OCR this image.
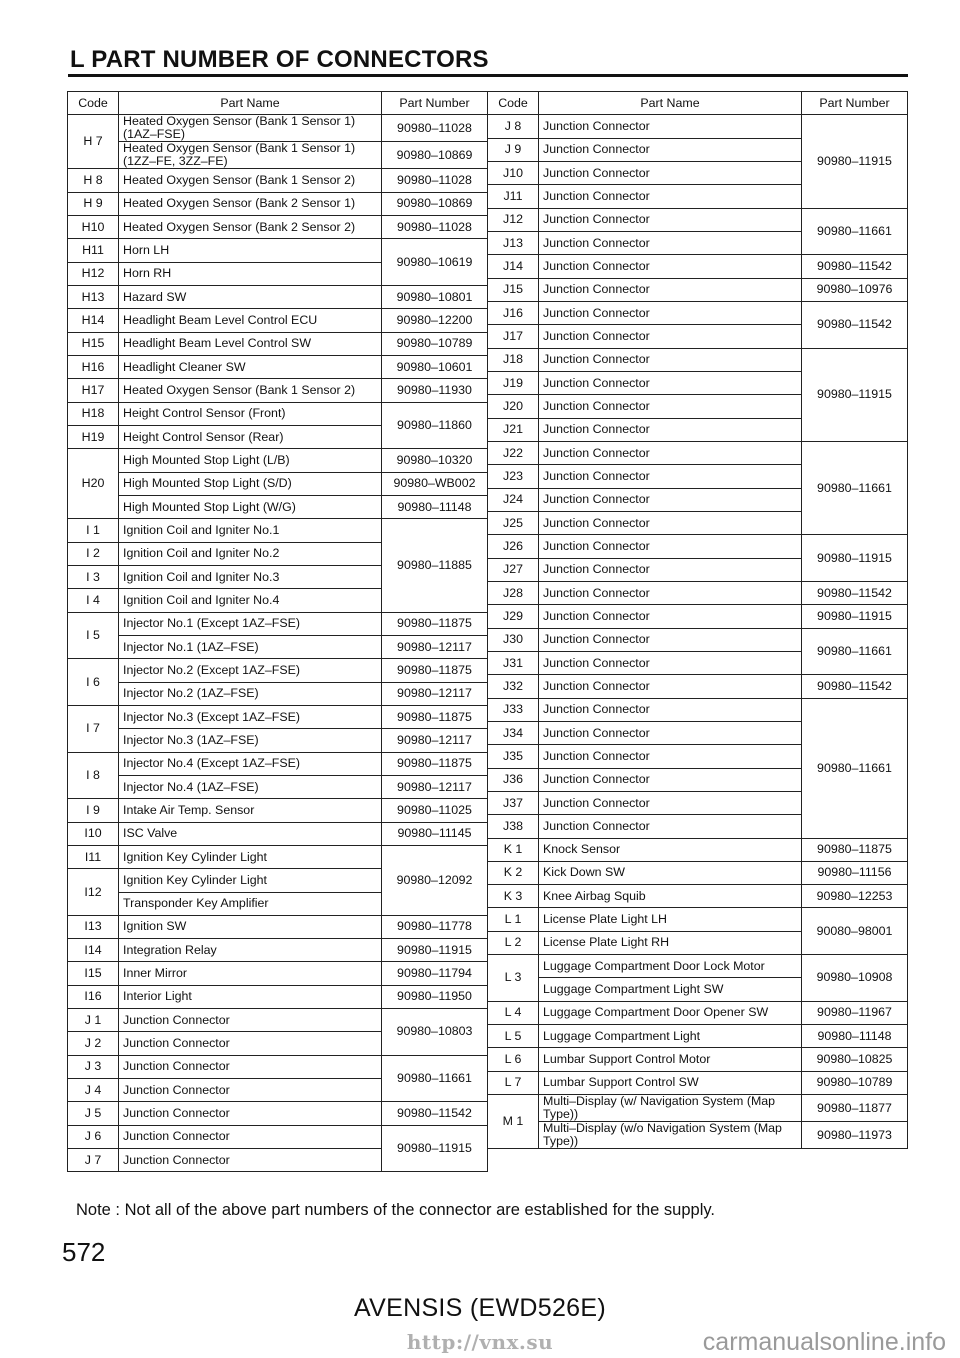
L PART NUMBER OF CONNECTORS
Code	Part Name	Part Number
H 7	Heated Oxygen Sensor (Bank 1 Sensor 1) (1AZ–FSE)	90980–11028
	Heated Oxygen Sensor (Bank 1 Sensor 1) (1ZZ–FE, 3ZZ–FE)	90980–10869
H 8	Heated Oxygen Sensor (Bank 1 Sensor 2)	90980–11028
H 9	Heated Oxygen Sensor (Bank 2 Sensor 1)	90980–10869
H10	Heated Oxygen Sensor (Bank 2 Sensor 2)	90980–11028
H11	Horn LH	90980–10619
H12	Horn RH	
H13	Hazard SW	90980–10801
H14	Headlight Beam Level Control ECU	90980–12200
H15	Headlight Beam Level Control SW	90980–10789
H16	Headlight Cleaner SW	90980–10601
H17	Heated Oxygen Sensor (Bank 1 Sensor 2)	90980–11930
H18	Height Control Sensor (Front)	90980–11860
H19	Height Control Sensor (Rear)	
H20	High Mounted Stop Light (L/B)	90980–10320
	High Mounted Stop Light (S/D)	90980–WB002
	High Mounted Stop Light (W/G)	90980–11148
I 1	Ignition Coil and Igniter No.1	90980–11885
I 2	Ignition Coil and Igniter No.2	
I 3	Ignition Coil and Igniter No.3	
I 4	Ignition Coil and Igniter No.4	
I 5	Injector No.1 (Except 1AZ–FSE)	90980–11875
	Injector No.1 (1AZ–FSE)	90980–12117
I 6	Injector No.2 (Except 1AZ–FSE)	90980–11875
	Injector No.2 (1AZ–FSE)	90980–12117
I 7	Injector No.3 (Except 1AZ–FSE)	90980–11875
	Injector No.3 (1AZ–FSE)	90980–12117
I 8	Injector No.4 (Except 1AZ–FSE)	90980–11875
	Injector No.4 (1AZ–FSE)	90980–12117
I 9	Intake Air Temp. Sensor	90980–11025
I10	ISC Valve	90980–11145
I11	Ignition Key Cylinder Light	90980–12092
I12	Ignition Key Cylinder Light	
	Transponder Key Amplifier	
I13	Ignition SW	90980–11778
I14	Integration Relay	90980–11915
I15	Inner Mirror	90980–11794
I16	Interior Light	90980–11950
J 1	Junction Connector	90980–10803
J 2	Junction Connector	
J 3	Junction Connector	90980–11661
J 4	Junction Connector	
J 5	Junction Connector	90980–11542
J 6	Junction Connector	90980–11915
J 7	Junction Connector	
Code	Part Name	Part Number
J 8	Junction Connector	90980–11915
J 9	Junction Connector	
J10	Junction Connector	
J11	Junction Connector	
J12	Junction Connector	90980–11661
J13	Junction Connector	
J14	Junction Connector	90980–11542
J15	Junction Connector	90980–10976
J16	Junction Connector	90980–11542
J17	Junction Connector	
J18	Junction Connector	90980–11915
J19	Junction Connector	
J20	Junction Connector	
J21	Junction Connector	
J22	Junction Connector	90980–11661
J23	Junction Connector	
J24	Junction Connector	
J25	Junction Connector	
J26	Junction Connector	90980–11915
J27	Junction Connector	
J28	Junction Connector	90980–11542
J29	Junction Connector	90980–11915
J30	Junction Connector	90980–11661
J31	Junction Connector	
J32	Junction Connector	90980–11542
J33	Junction Connector	90980–11661
J34	Junction Connector	
J35	Junction Connector	
J36	Junction Connector	
J37	Junction Connector	
J38	Junction Connector	
K 1	Knock Sensor	90980–11875
K 2	Kick Down SW	90980–11156
K 3	Knee Airbag Squib	90980–12253
L 1	License Plate Light LH	90080–98001
L 2	License Plate Light RH	
L 3	Luggage Compartment Door Lock Motor	90980–10908
	Luggage Compartment Light SW	
L 4	Luggage Compartment Door Opener SW	90980–11967
L 5	Luggage Compartment Light	90980–11148
L 6	Lumbar Support Control Motor	90980–10825
L 7	Lumbar Support Control SW	90980–10789
M 1	Multi–Display (w/ Navigation System (Map Type))	90980–11877
	Multi–Display (w/o Navigation System (Map Type))	90980–11973
Note : Not all of the above part numbers of the connector are established for the supply.
572
AVENSIS (EWD526E)
http://vnx.su	carmanualsonline.info
